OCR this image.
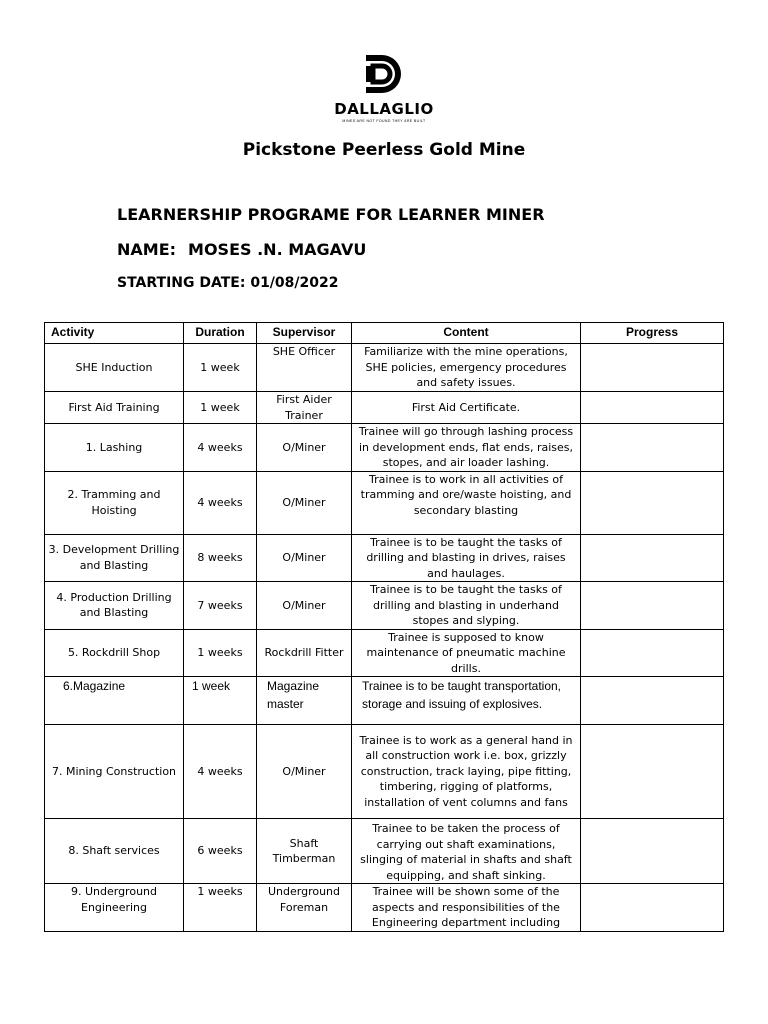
DALLAGLIO
MINES ARE NOT FOUND THEY ARE BUILT
Pickstone Peerless Gold Mine
LEARNERSHIP PROGRAME FOR LEARNER MINER
NAME: MOSES .N. MAGAVU
STARTING DATE: 01/08/2022
Activity	Duration	Supervisor	Content	Progress
SHE Induction	1 week	SHE Officer	Familiarize with the mine operations, SHE policies, emergency procedures and safety issues.	
First Aid Training	1 week	First Aider Trainer	First Aid Certificate.	
1. Lashing	4 weeks	O/Miner	Trainee will go through lashing process in development ends, flat ends, raises, stopes, and air loader lashing.	
2. Tramming and Hoisting	4 weeks	O/Miner	Trainee is to work in all activities of tramming and ore/waste hoisting, and secondary blasting	
3. Development Drilling and Blasting	8 weeks	O/Miner	Trainee is to be taught the tasks of drilling and blasting in drives, raises and haulages.	
4. Production Drilling and Blasting	7 weeks	O/Miner	Trainee is to be taught the tasks of drilling and blasting in underhand stopes and slyping.	
5. Rockdrill Shop	1 weeks	Rockdrill Fitter	Trainee is supposed to know maintenance of pneumatic machine drills.	
6.Magazine	1 week	Magazine master	Trainee is to be taught transportation, storage and issuing of explosives.	
7. Mining Construction	4 weeks	O/Miner	Trainee is to work as a general hand in all construction work i.e. box, grizzly construction, track laying, pipe fitting, timbering, rigging of platforms, installation of vent columns and fans	
8. Shaft services	6 weeks	Shaft Timberman	Trainee to be taken the process of carrying out shaft examinations, slinging of material in shafts and shaft equipping, and shaft sinking.	
9. Underground Engineering	1 weeks	Underground Foreman	Trainee will be shown some of the aspects and responsibilities of the Engineering department including	
